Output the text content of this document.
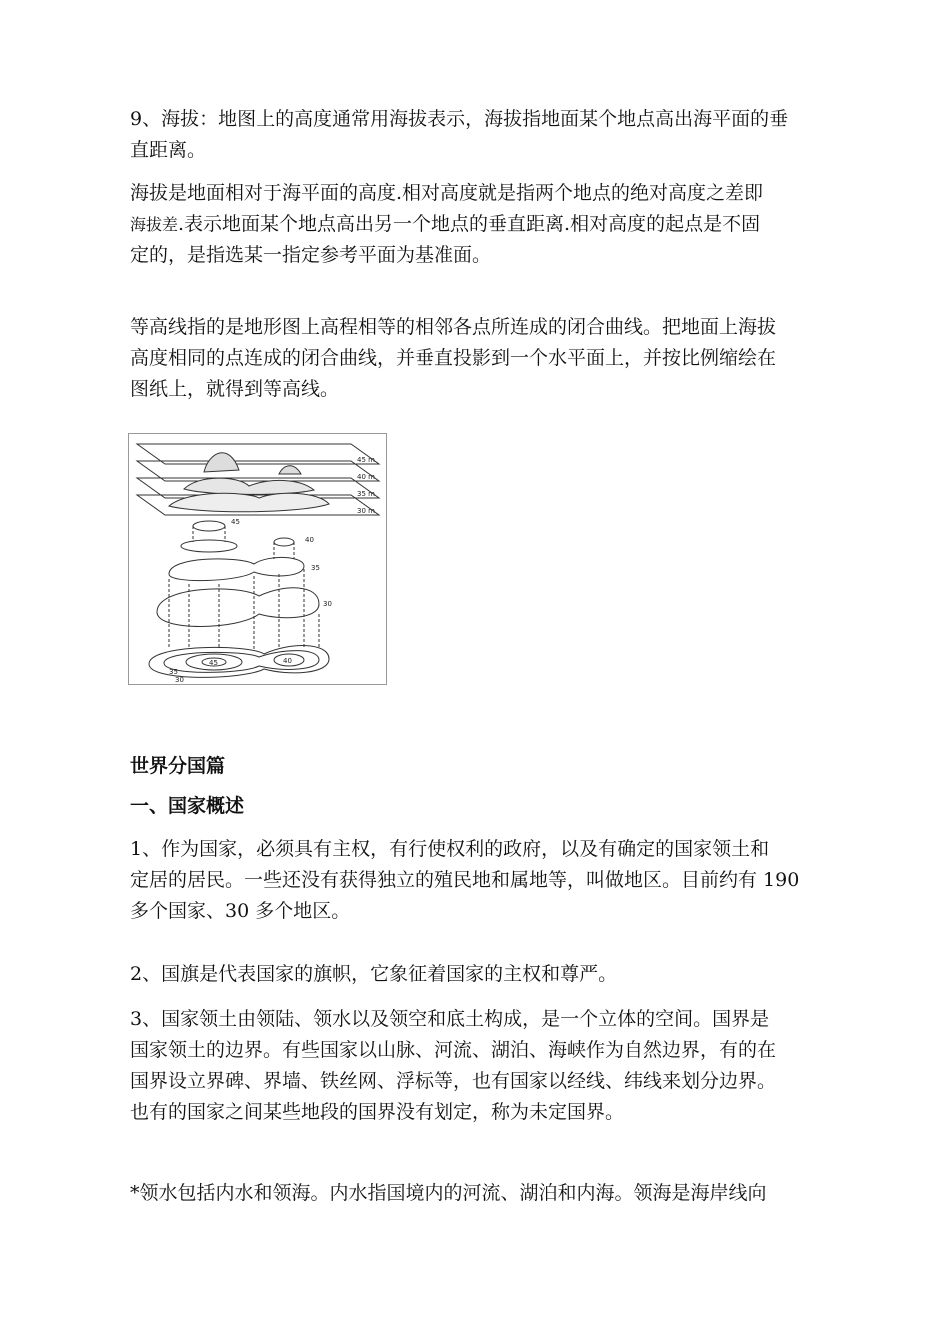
9、海拔：地图上的高度通常用海拔表示，海拔指地面某个地点高出海平面的垂
直距离。

海拔是地面相对于海平面的高度.相对高度就是指两个地点的绝对高度之差即
海拔差.表示地面某个地点高出另一个地点的垂直距离.相对高度的起点是不固
定的，是指选某一指定参考平面为基准面。

等高线指的是地形图上高程相等的相邻各点所连成的闭合曲线。把地面上海拔
高度相同的点连成的闭合曲线，并垂直投影到一个水平面上，并按比例缩绘在
图纸上，就得到等高线。

45 m
40 m
35 m
30 m
45
40
35
30
45	40
35
30
世界分国篇
一、国家概述

1、作为国家，必须具有主权，有行使权利的政府，以及有确定的国家领土和
定居的居民。一些还没有获得独立的殖民地和属地等，叫做地区。目前约有 190
多个国家、30 多个地区。

2、国旗是代表国家的旗帜，它象征着国家的主权和尊严。

3、国家领土由领陆、领水以及领空和底土构成，是一个立体的空间。国界是
国家领土的边界。有些国家以山脉、河流、湖泊、海峡作为自然边界，有的在
国界设立界碑、界墙、铁丝网、浮标等，也有国家以经线、纬线来划分边界。
也有的国家之间某些地段的国界没有划定，称为未定国界。

*领水包括内水和领海。内水指国境内的河流、湖泊和内海。领海是海岸线向
